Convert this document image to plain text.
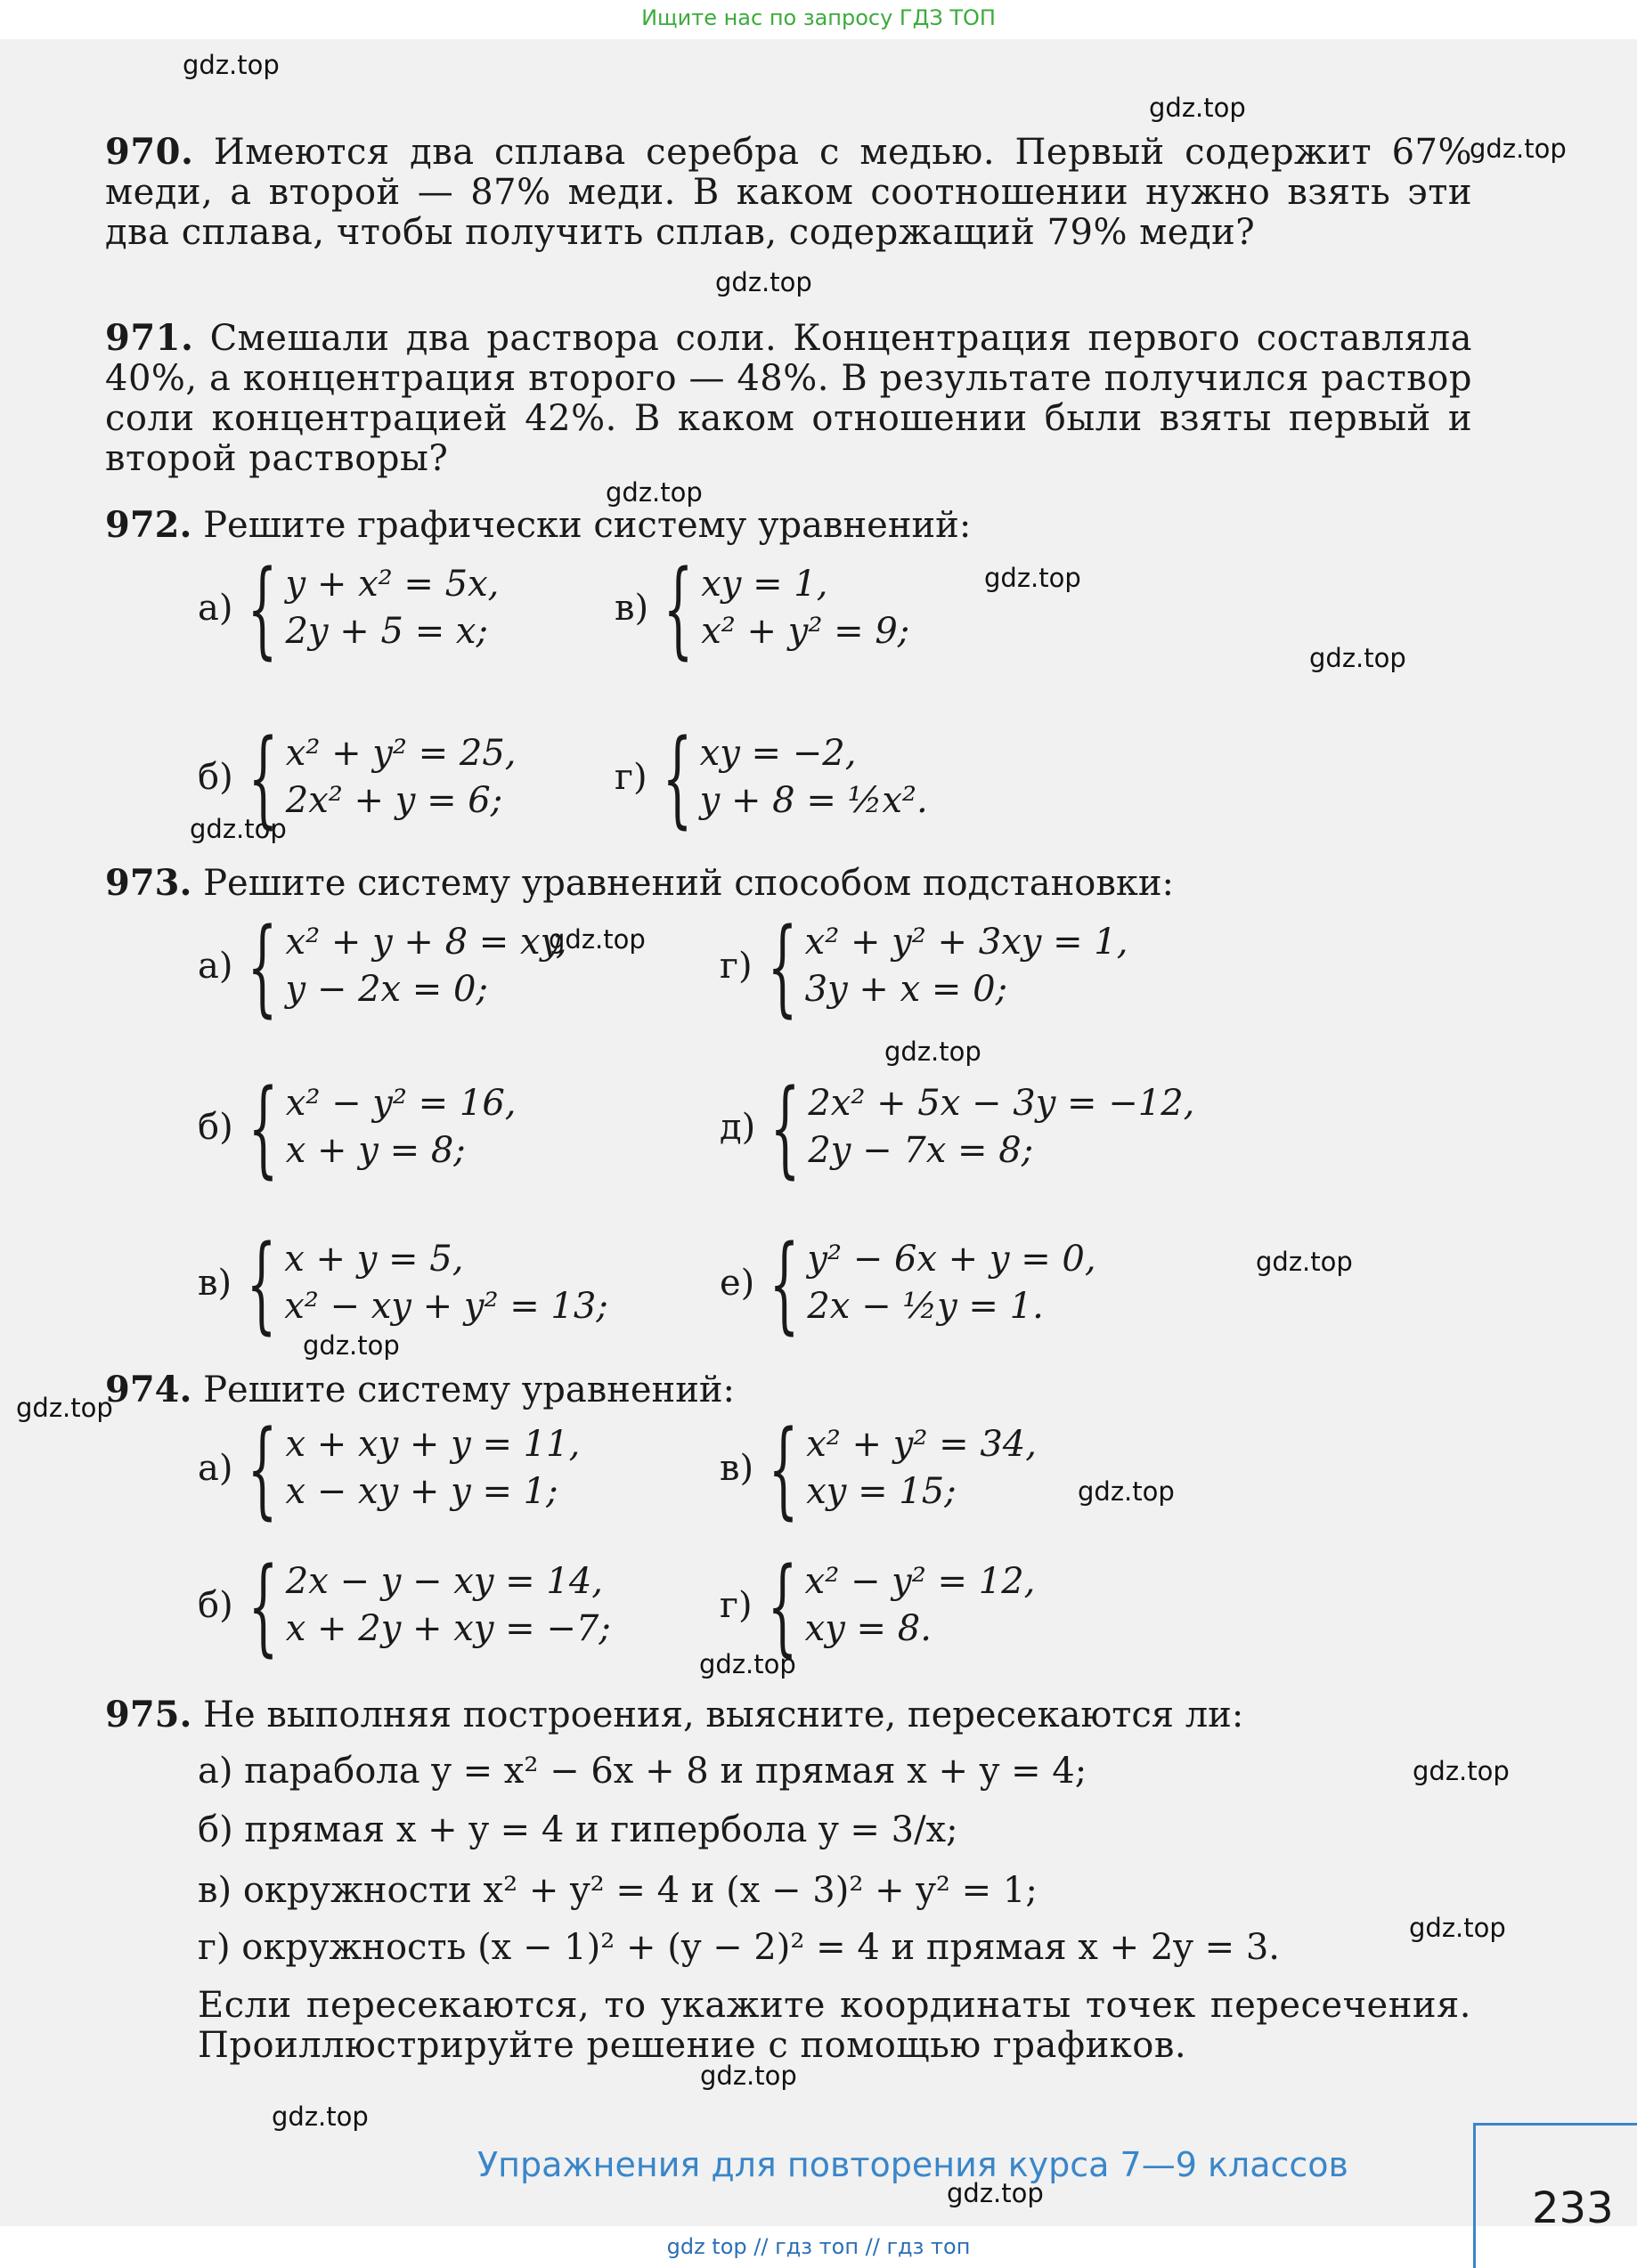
Ищите нас по запросу ГДЗ ТОП
gdz.top
gdz.top
gdz.top
gdz.top
gdz.top
gdz.top
gdz.top
gdz.top
gdz.top
gdz.top
gdz.top
gdz.top
gdz.top
gdz.top
gdz.top
gdz.top
gdz.top
gdz.top
gdz.top
gdz.top
970. Имеются два сплава серебра с медью. Первый содержит 67% меди, а второй — 87% меди. В каком соотношении нужно взять эти два сплава, чтобы получить сплав, содержащий 79% меди?
971. Смешали два раствора соли. Концентрация первого составляла 40%, а концентрация второго — 48%. В результате получился раствор соли концентрацией 42%. В каком отношении были взяты первый и второй растворы?
972. Решите графически систему уравнений:
а) { y + x² = 5x,
2y + 5 = x;
в) { xy = 1,
x² + y² = 9;
б) { x² + y² = 25,
2x² + y = 6;
г) { xy = −2,
y + 8 = ½x².
973. Решите систему уравнений способом подстановки:
а) { x² + y + 8 = xy,
y − 2x = 0;
г) { x² + y² + 3xy = 1,
3y + x = 0;
б) { x² − y² = 16,
x + y = 8;
д) { 2x² + 5x − 3y = −12,
2y − 7x = 8;
в) { x + y = 5,
x² − xy + y² = 13;
е) { y² − 6x + y = 0,
2x − ½y = 1.
974. Решите систему уравнений:
а) { x + xy + y = 11,
x − xy + y = 1;
в) { x² + y² = 34,
xy = 15;
б) { 2x − y − xy = 14,
x + 2y + xy = −7;
г) { x² − y² = 12,
xy = 8.
975. Не выполняя построения, выясните, пересекаются ли:
а) парабола y = x² − 6x + 8 и прямая x + y = 4;
б) прямая x + y = 4 и гипербола y = 3/x;
в) окружности x² + y² = 4 и (x − 3)² + y² = 1;
г) окружность (x − 1)² + (y − 2)² = 4 и прямая x + 2y = 3.
Если пересекаются, то укажите координаты точек пересечения. Проиллюстрируйте решение с помощью графиков.
Упражнения для повторения курса 7—9 классов
233
gdz top // гдз топ // гдз топ
